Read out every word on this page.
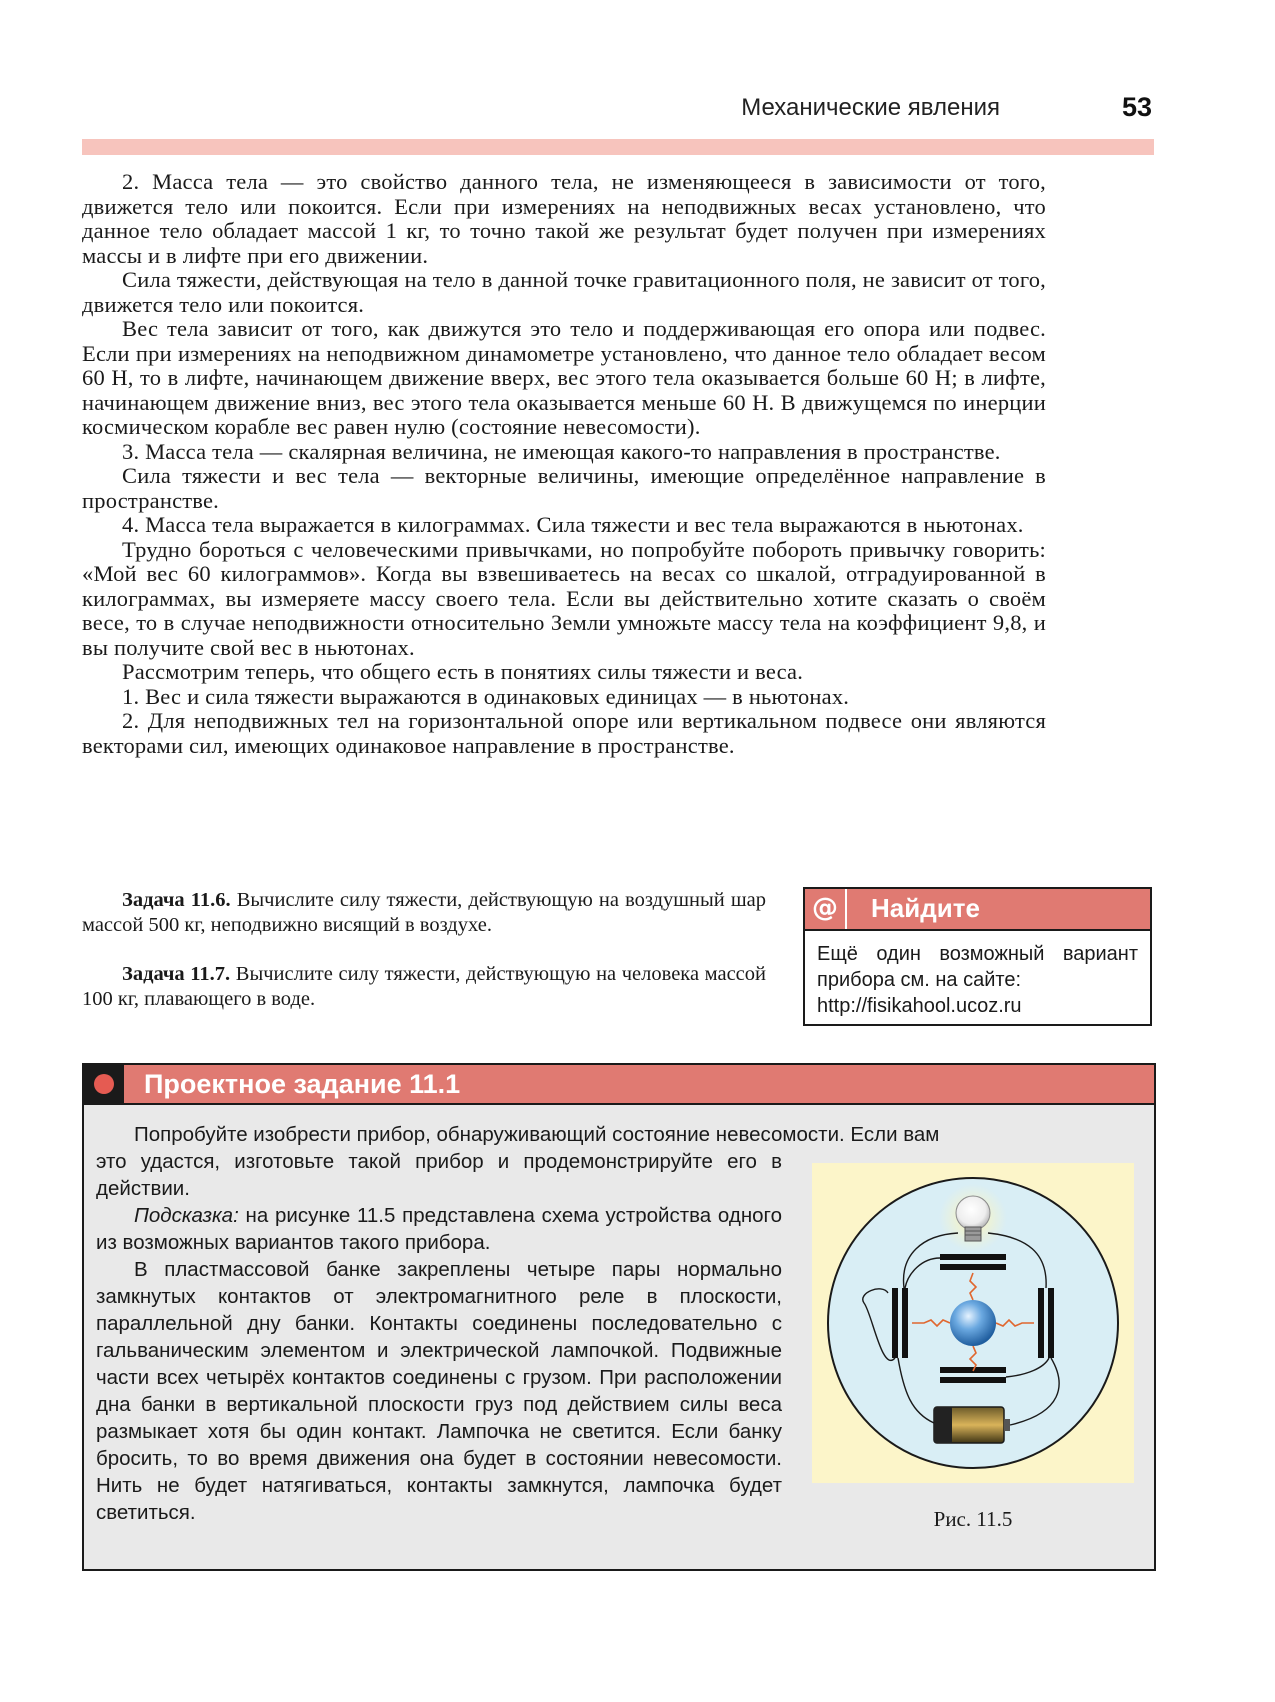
Механические явления	53

2. Масса тела — это свойство данного тела, не изменяющееся в зависимости от того, движется тело или покоится. Если при измерениях на неподвижных весах установлено, что данное тело обладает массой 1 кг, то точно такой же результат будет получен при измерениях массы и в лифте при его движении.

Сила тяжести, действующая на тело в данной точке гравитационного поля, не зависит от того, движется тело или покоится.

Вес тела зависит от того, как движутся это тело и поддерживающая его опора или подвес. Если при измерениях на неподвижном динамометре установлено, что данное тело обладает весом 60 Н, то в лифте, начинающем движение вверх, вес этого тела оказывается больше 60 Н; в лифте, начинающем движение вниз, вес этого тела оказывается меньше 60 Н. В движущемся по инерции космическом корабле вес равен нулю (состояние невесомости).

3. Масса тела — скалярная величина, не имеющая какого-то направления в пространстве.

Сила тяжести и вес тела — векторные величины, имеющие определённое направление в пространстве.

4. Масса тела выражается в килограммах. Сила тяжести и вес тела выражаются в ньютонах.

Трудно бороться с человеческими привычками, но попробуйте побороть привычку говорить: «Мой вес 60 килограммов». Когда вы взвешиваетесь на весах со шкалой, отградуированной в килограммах, вы измеряете массу своего тела. Если вы действительно хотите сказать о своём весе, то в случае неподвижности относительно Земли умножьте массу тела на коэффициент 9,8, и вы получите свой вес в ньютонах.

Рассмотрим теперь, что общего есть в понятиях силы тяжести и веса.

1. Вес и сила тяжести выражаются в одинаковых единицах — в ньютонах.

2. Для неподвижных тел на горизонтальной опоре или вертикальном подвесе они являются векторами сил, имеющих одинаковое направление в пространстве.

Задача 11.6. Вычислите силу тяжести, действующую на воздушный шар массой 500 кг, неподвижно висящий в воздухе.

Задача 11.7. Вычислите силу тяжести, действующую на человека массой 100 кг, плавающего в воде.

@	Найдите
Ещё один возможный вариант прибора см. на сайте:
http://fisikahool.ucoz.ru
Проектное задание 11.1

Попробуйте изобрести прибор, обнаруживающий состояние невесомости. Если вам

это удастся, изготовьте такой прибор и продемонстрируйте его в действии.

Подсказка: на рисунке 11.5 представлена схема устройства одного из возможных вариантов такого прибора.

В пластмассовой банке закреплены четыре пары нормально замкнутых контактов от электромагнитного реле в плоскости, параллельной дну банки. Контакты соединены последовательно с гальваническим элементом и электрической лампочкой. Подвижные части всех четырёх контактов соединены с грузом. При расположении дна банки в вертикальной плоскости груз под действием силы веса размыкает хотя бы один контакт. Лампочка не светится. Если банку бросить, то во время движения она будет в состоянии невесомости. Нить не будет натягиваться, контакты замкнутся, лампочка будет светиться.	Рис. 11.5
